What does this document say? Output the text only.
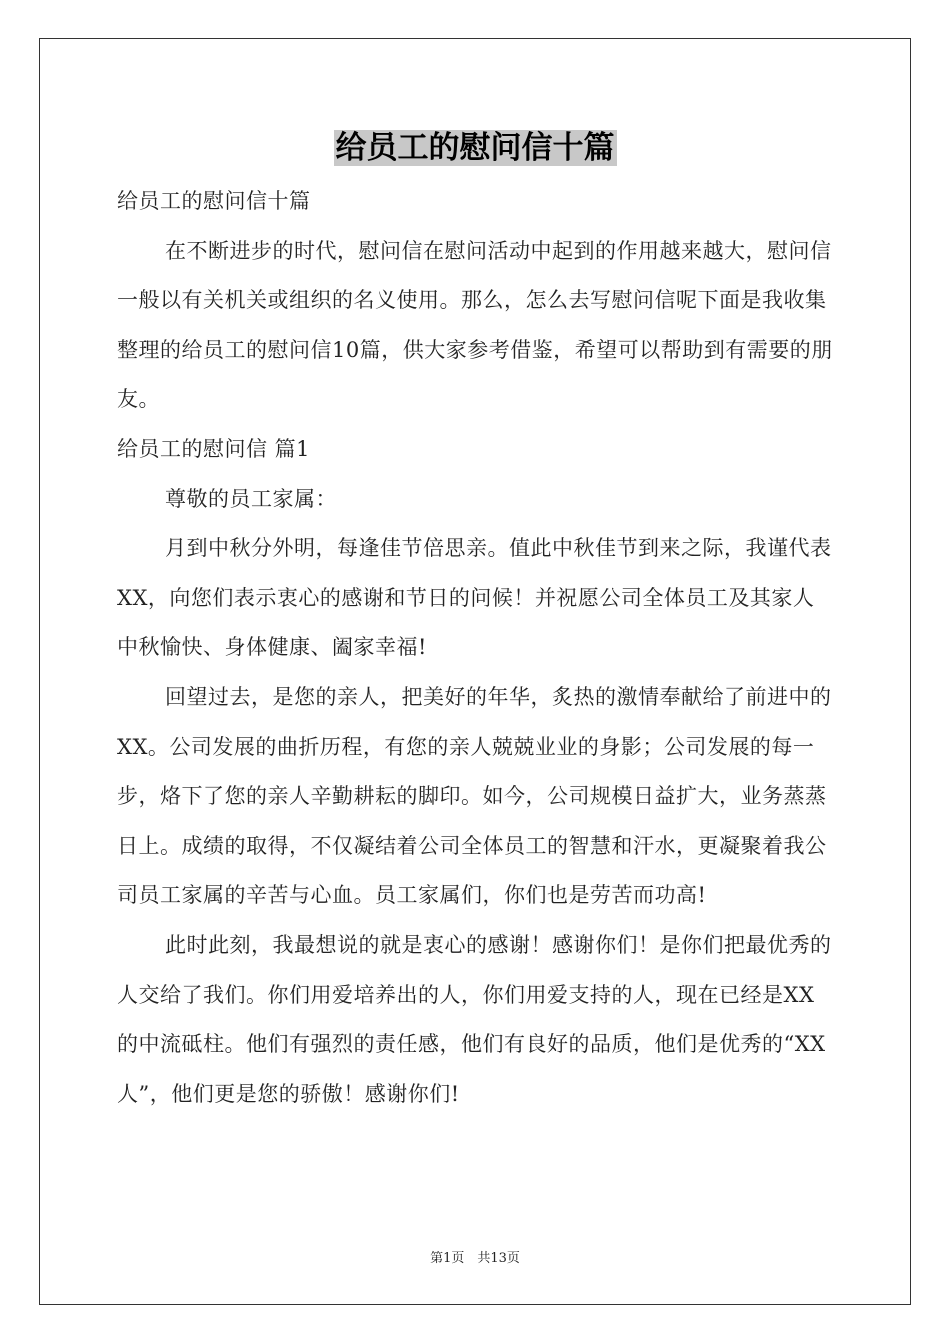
给员工的慰问信十篇

给员工的慰问信十篇

在不断进步的时代，慰问信在慰问活动中起到的作用越来越大，慰问信一般以有关机关或组织的名义使用。那么，怎么去写慰问信呢下面是我收集整理的给员工的慰问信10篇，供大家参考借鉴，希望可以帮助到有需要的朋友。

给员工的慰问信 篇1

尊敬的员工家属：

月到中秋分外明，每逢佳节倍思亲。值此中秋佳节到来之际，我谨代表XX，向您们表示衷心的感谢和节日的问候！并祝愿公司全体员工及其家人中秋愉快、身体健康、阖家幸福!

回望过去，是您的亲人，把美好的年华，炙热的激情奉献给了前进中的XX。公司发展的曲折历程，有您的亲人兢兢业业的身影；公司发展的每一步，烙下了您的亲人辛勤耕耘的脚印。如今，公司规模日益扩大，业务蒸蒸日上。成绩的取得，不仅凝结着公司全体员工的智慧和汗水，更凝聚着我公司员工家属的辛苦与心血。员工家属们，你们也是劳苦而功高!

此时此刻，我最想说的就是衷心的感谢！感谢你们！是你们把最优秀的人交给了我们。你们用爱培养出的人，你们用爱支持的人，现在已经是XX的中流砥柱。他们有强烈的责任感，他们有良好的品质，他们是优秀的“XX人”，他们更是您的骄傲！感谢你们!

第1页　共13页
